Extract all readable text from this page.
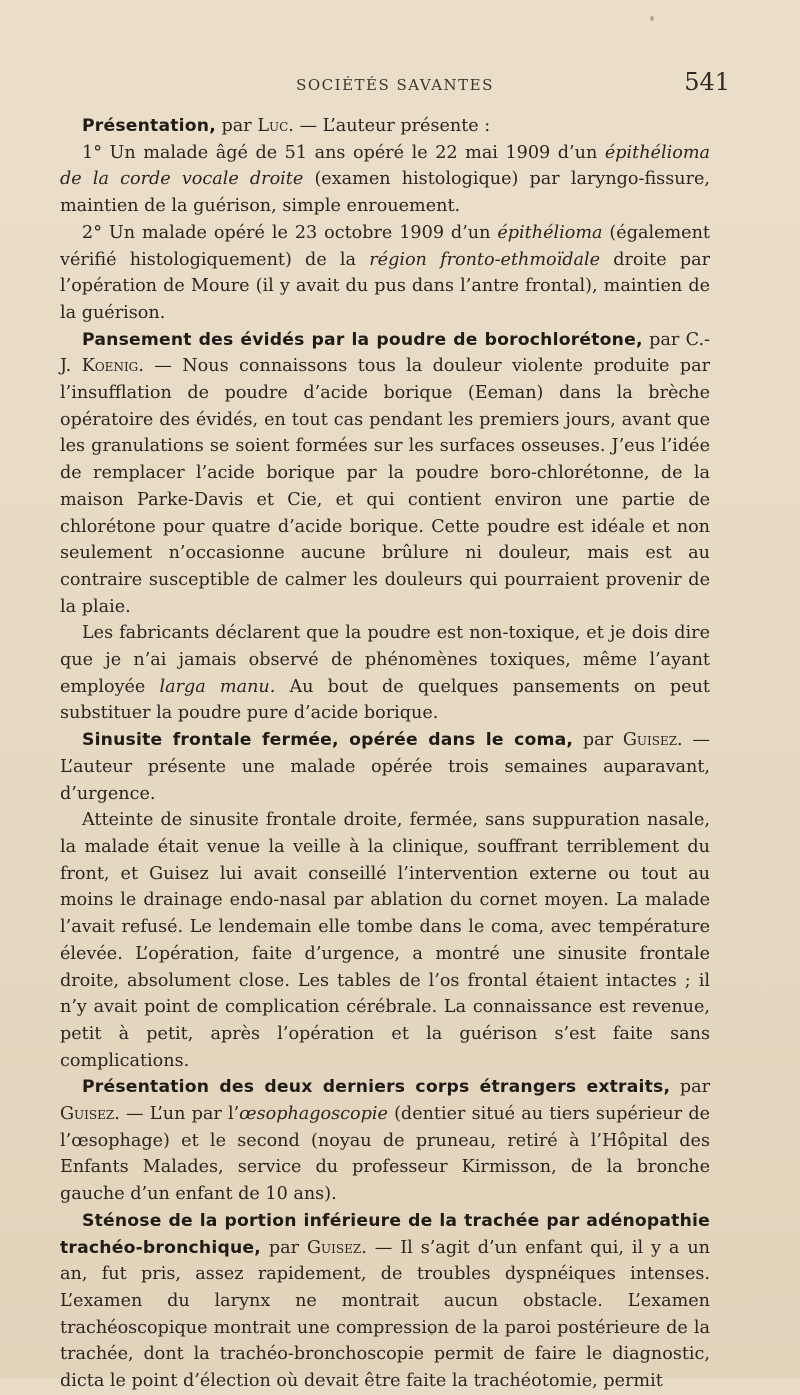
SOCIÉTÉS SAVANTES	541

Présentation, par Luc. — L’auteur présente :

1° Un malade âgé de 51 ans opéré le 22 mai 1909 d’un épithélioma de la corde vocale droite (examen histologique) par laryngo-fissure, maintien de la guérison, simple enrouement.

2° Un malade opéré le 23 octobre 1909 d’un épithélioma (également vérifié histologiquement) de la région fronto-ethmoïdale droite par l’opération de Moure (il y avait du pus dans l’antre frontal), maintien de la guérison.

Pansement des évidés par la poudre de borochlorétone, par C.-J. Koenig. — Nous connaissons tous la douleur violente produite par l’insufflation de poudre d’acide borique (Eeman) dans la brèche opératoire des évidés, en tout cas pendant les premiers jours, avant que les granulations se soient formées sur les surfaces osseuses. J’eus l’idée de remplacer l’acide borique par la poudre boro-chlorétonne, de la maison Parke-Davis et Cie, et qui contient environ une partie de chlorétone pour quatre d’acide borique. Cette poudre est idéale et non seulement n’occasionne aucune brûlure ni douleur, mais est au contraire susceptible de calmer les douleurs qui pourraient provenir de la plaie.

Les fabricants déclarent que la poudre est non-toxique, et je dois dire que je n’ai jamais observé de phénomènes toxiques, même l’ayant employée larga manu. Au bout de quelques pansements on peut substituer la poudre pure d’acide borique.

Sinusite frontale fermée, opérée dans le coma, par Guisez. — L’auteur présente une malade opérée trois semaines auparavant, d’urgence.

Atteinte de sinusite frontale droite, fermée, sans suppuration nasale, la malade était venue la veille à la clinique, souffrant terriblement du front, et Guisez lui avait conseillé l’intervention externe ou tout au moins le drainage endo-nasal par ablation du cornet moyen. La malade l’avait refusé. Le lendemain elle tombe dans le coma, avec température élevée. L’opération, faite d’urgence, a montré une sinusite frontale droite, absolument close. Les tables de l’os frontal étaient intactes ; il n’y avait point de complication cérébrale. La connaissance est revenue, petit à petit, après l’opération et la guérison s’est faite sans complications.

Présentation des deux derniers corps étrangers extraits, par Guisez. — L’un par l’œsophagoscopie (dentier situé au tiers supérieur de l’œsophage) et le second (noyau de pruneau, retiré à l’Hôpital des Enfants Malades, service du professeur Kirmisson, de la bronche gauche d’un enfant de 10 ans).

Sténose de la portion inférieure de la trachée par adénopathie trachéo-bronchique, par Guisez. — Il s’agit d’un enfant qui, il y a un an, fut pris, assez rapidement, de troubles dyspnéiques intenses. L’examen du larynx ne montrait aucun obstacle. L’examen trachéoscopique montrait une compression de la paroi postérieure de la trachée, dont la trachéo-bronchoscopie permit de faire le diagnostic, dicta le point d’élection où devait être faite la trachéotomie, permit
